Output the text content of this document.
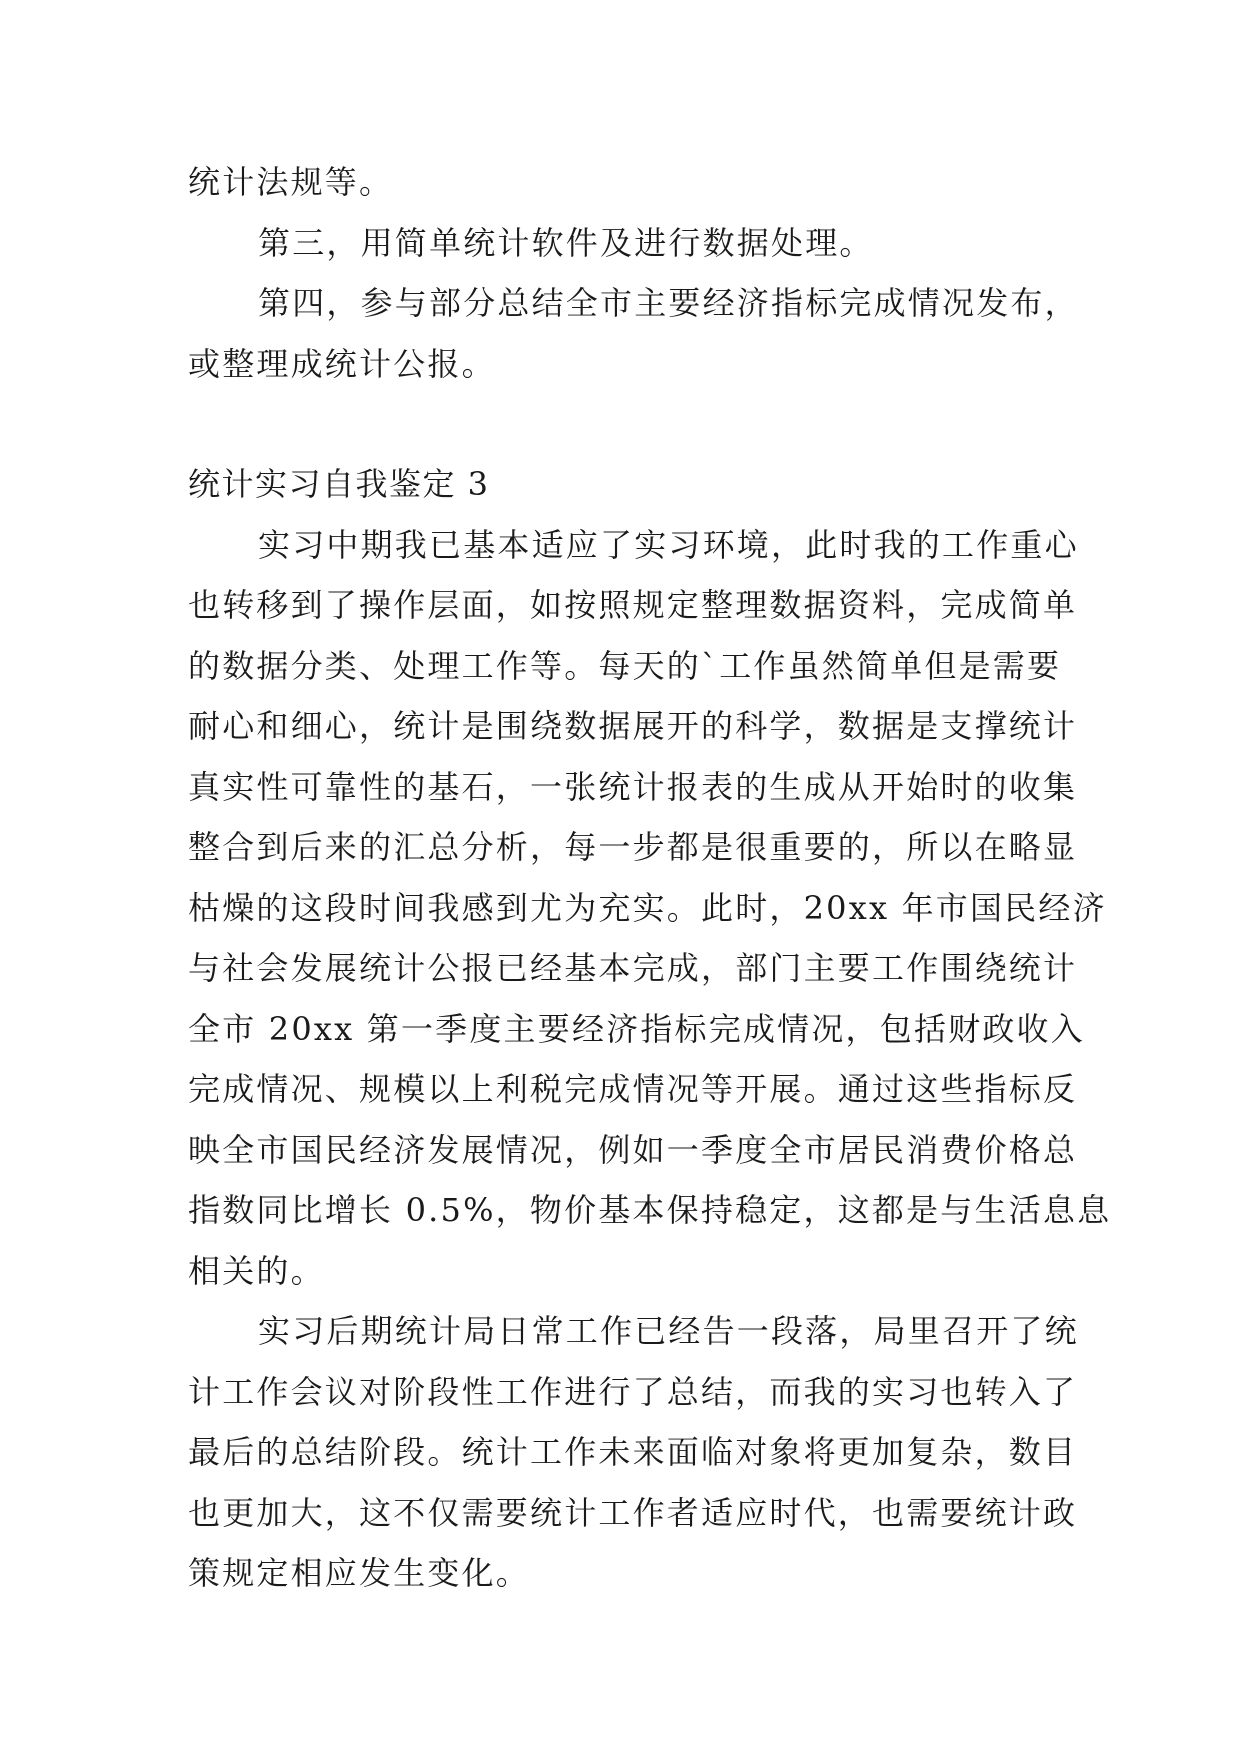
统计法规等。
第三，用简单统计软件及进行数据处理。
第四，参与部分总结全市主要经济指标完成情况发布，
或整理成统计公报。
统计实习自我鉴定 3
实习中期我已基本适应了实习环境，此时我的工作重心
也转移到了操作层面，如按照规定整理数据资料，完成简单
的数据分类、处理工作等。每天的`工作虽然简单但是需要
耐心和细心，统计是围绕数据展开的科学，数据是支撑统计
真实性可靠性的基石，一张统计报表的生成从开始时的收集
整合到后来的汇总分析，每一步都是很重要的，所以在略显
枯燥的这段时间我感到尤为充实。此时，20xx 年市国民经济
与社会发展统计公报已经基本完成，部门主要工作围绕统计
全市 20xx 第一季度主要经济指标完成情况，包括财政收入
完成情况、规模以上利税完成情况等开展。通过这些指标反
映全市国民经济发展情况，例如一季度全市居民消费价格总
指数同比增长 0.5%，物价基本保持稳定，这都是与生活息息
相关的。
实习后期统计局日常工作已经告一段落，局里召开了统
计工作会议对阶段性工作进行了总结，而我的实习也转入了
最后的总结阶段。统计工作未来面临对象将更加复杂，数目
也更加大，这不仅需要统计工作者适应时代，也需要统计政
策规定相应发生变化。
